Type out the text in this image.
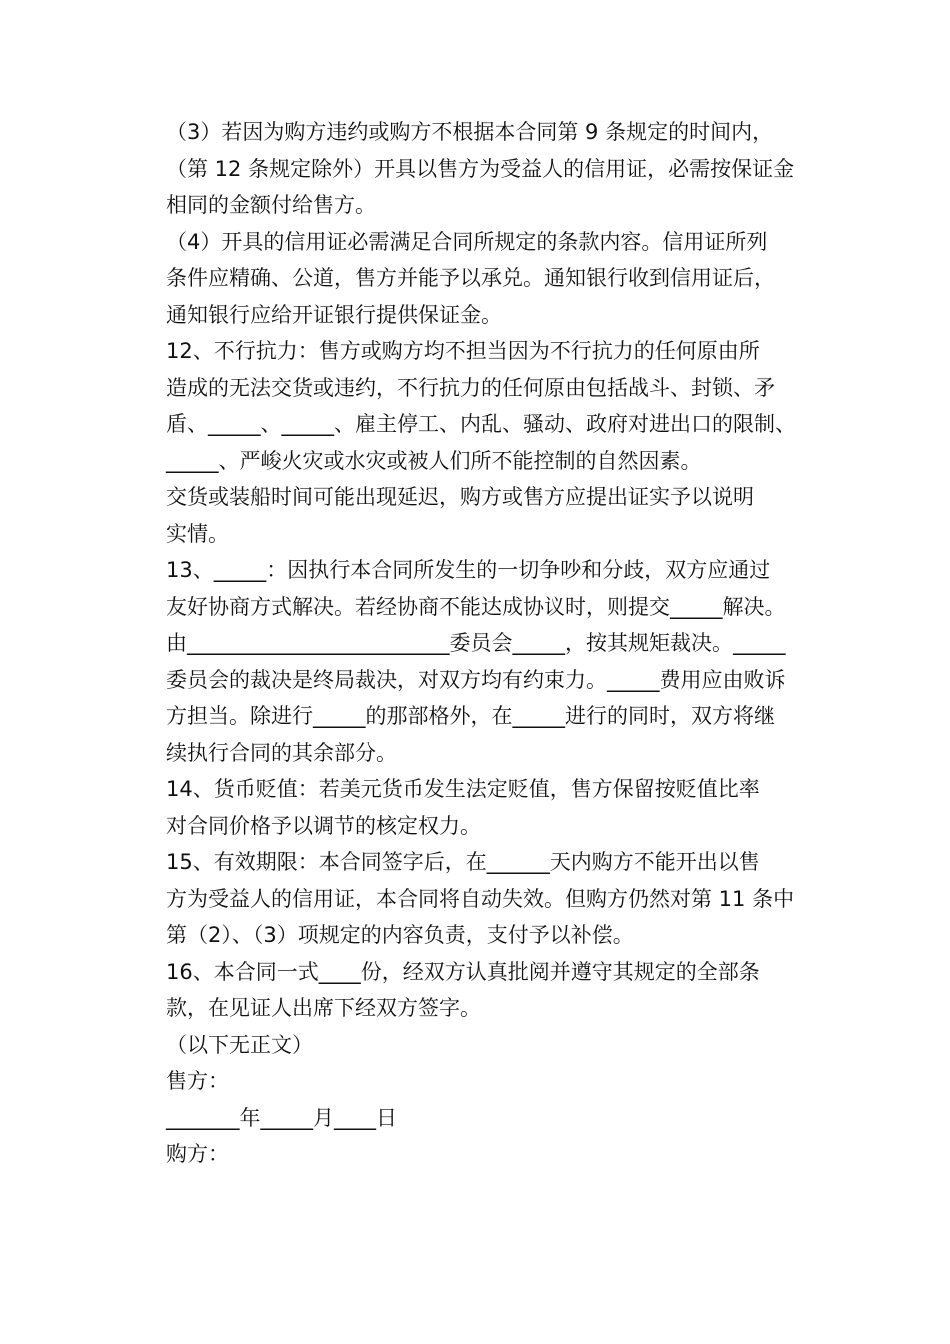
（3）若因为购方违约或购方不根据本合同第 9 条规定的时间内，
（第 12 条规定除外）开具以售方为受益人的信用证，必需按保证金
相同的金额付给售方。

（4）开具的信用证必需满足合同所规定的条款内容。信用证所列
条件应精确、公道，售方并能予以承兑。通知银行收到信用证后，
通知银行应给开证银行提供保证金。

12、不行抗力：售方或购方均不担当因为不行抗力的任何原由所
造成的无法交货或违约，不行抗力的任何原由包括战斗、封锁、矛
盾、_____、_____、雇主停工、内乱、骚动、政府对进出口的限制、
_____、严峻火灾或水灾或被人们所不能控制的自然因素。

交货或装船时间可能出现延迟，购方或售方应提出证实予以说明
实情。

13、_____：因执行本合同所发生的一切争吵和分歧，双方应通过
友好协商方式解决。若经协商不能达成协议时，则提交_____解决。
由_________________________委员会_____，按其规矩裁决。_____
委员会的裁决是终局裁决，对双方均有约束力。_____费用应由败诉
方担当。除进行_____的那部格外，在_____进行的同时，双方将继
续执行合同的其余部分。

14、货币贬值：若美元货币发生法定贬值，售方保留按贬值比率
对合同价格予以调节的核定权力。

15、有效期限：本合同签字后，在______天内购方不能开出以售
方为受益人的信用证，本合同将自动失效。但购方仍然对第 11 条中
第（2）、（3）项规定的内容负责，支付予以补偿。

16、本合同一式____份，经双方认真批阅并遵守其规定的全部条
款，在见证人出席下经双方签字。

（以下无正文）

售方：

_______年_____月____日

购方：
